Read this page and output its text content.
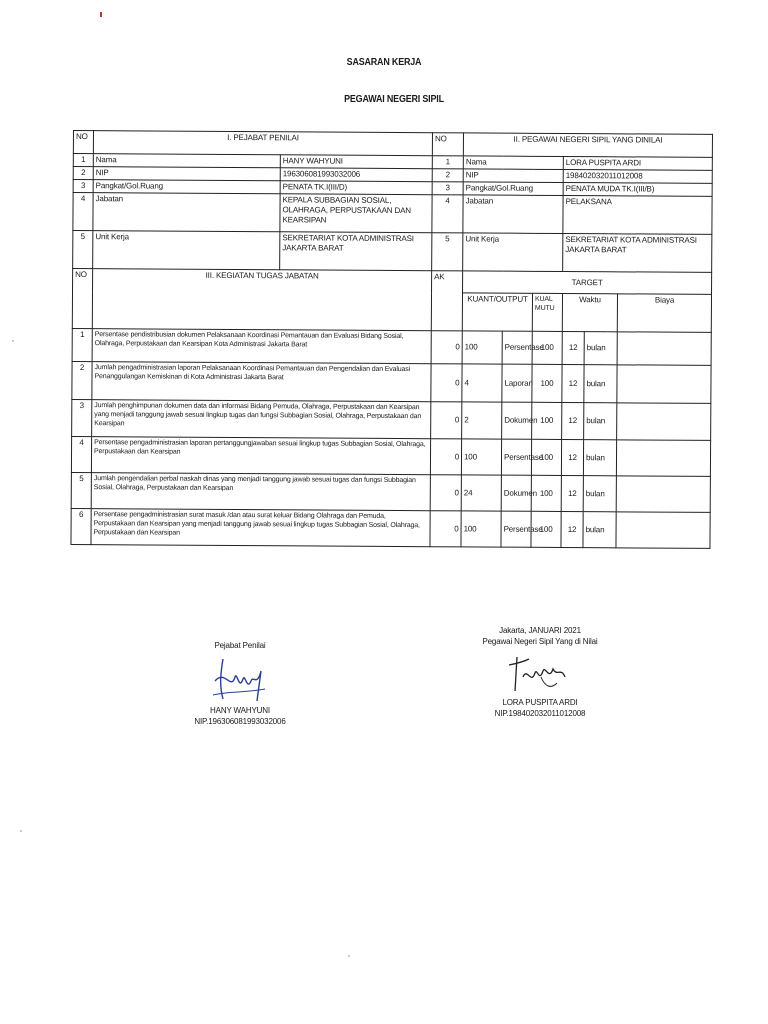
SASARAN KERJA
PEGAWAI NEGERI SIPIL
NO	I. PEJABAT PENILAI		NO	II. PEGAWAI NEGERI SIPIL YANG DINILAI					
1	Nama	HANY WAHYUNI	1	Nama			LORA PUSPITA ARDI		
2	NIP	196306081993032006	2	NIP			198402032011012008		
3	Pangkat/Gol.Ruang	PENATA TK.I(III/D)	3	Pangkat/Gol.Ruang			PENATA MUDA TK.I(III/B)		
4	Jabatan	KEPALA SUBBAGIAN SOSIAL, OLAHRAGA, PERPUSTAKAAN DAN KEARSIPAN	4	Jabatan			PELAKSANA		
5	Unit Kerja	SEKRETARIAT KOTA ADMINISTRASI JAKARTA BARAT	5	Unit Kerja			SEKRETARIAT KOTA ADMINISTRASI JAKARTA BARAT		
NO	III. KEGIATAN TUGAS JABATAN		AK	TARGET					
				KUANT/OUTPUT		KUAL MUTU	Waktu		Biaya
1	Persentase pendistribusian dokumen Pelaksanaan Koordinasi Pemantauan dan Evaluasi Bidang Sosial, Olahraga, Perpustakaan dan Kearsipan Kota Administrasi Jakarta Barat		0	100	Persentase	100	12	bulan	
2	Jumlah pengadministrasian laporan Pelaksanaan Koordinasi Pemantauan dan Pengendalian dan Evaluasi Penanggulangan Kemiskinan di Kota Administrasi Jakarta Barat		0	4	Laporan	100	12	bulan	
3	Jumlah penghimpunan dokumen data dan informasi Bidang Pemuda, Olahraga, Perpustakaan dan Kearsipan yang menjadi tanggung jawab sesuai lingkup tugas dan fungsi Subbagian Sosial, Olahraga, Perpustakaan dan Kearsipan		0	2	Dokumen	100	12	bulan	
4	Persentase pengadministrasian laporan pertanggungjawaban sesuai lingkup tugas Subbagian Sosial, Olahraga, Perpustakaan dan Kearsipan		0	100	Persentase	100	12	bulan	
5	Jumlah pengendalian perbal naskah dinas yang menjadi tanggung jawab sesuai tugas dan fungsi Subbagian Sosial, Olahraga, Perpustakaan dan Kearsipan		0	24	Dokumen	100	12	bulan	
6	Persentase pengadministrasian surat masuk /dan atau surat keluar Bidang Olahraga dan Pemuda, Perpustakaan dan Kearsipan yang menjadi tanggung jawab sesuai lingkup tugas Subbagian Sosial, Olahraga, Perpustakaan dan Kearsipan		0	100	Persentase	100	12	bulan	
Pejabat Penilai
HANY WAHYUNI
NIP.196306081993032006
Jakarta, JANUARI 2021
Pegawai Negeri Sipil Yang di Nilai
LORA PUSPITA ARDI
NIP.198402032011012008
